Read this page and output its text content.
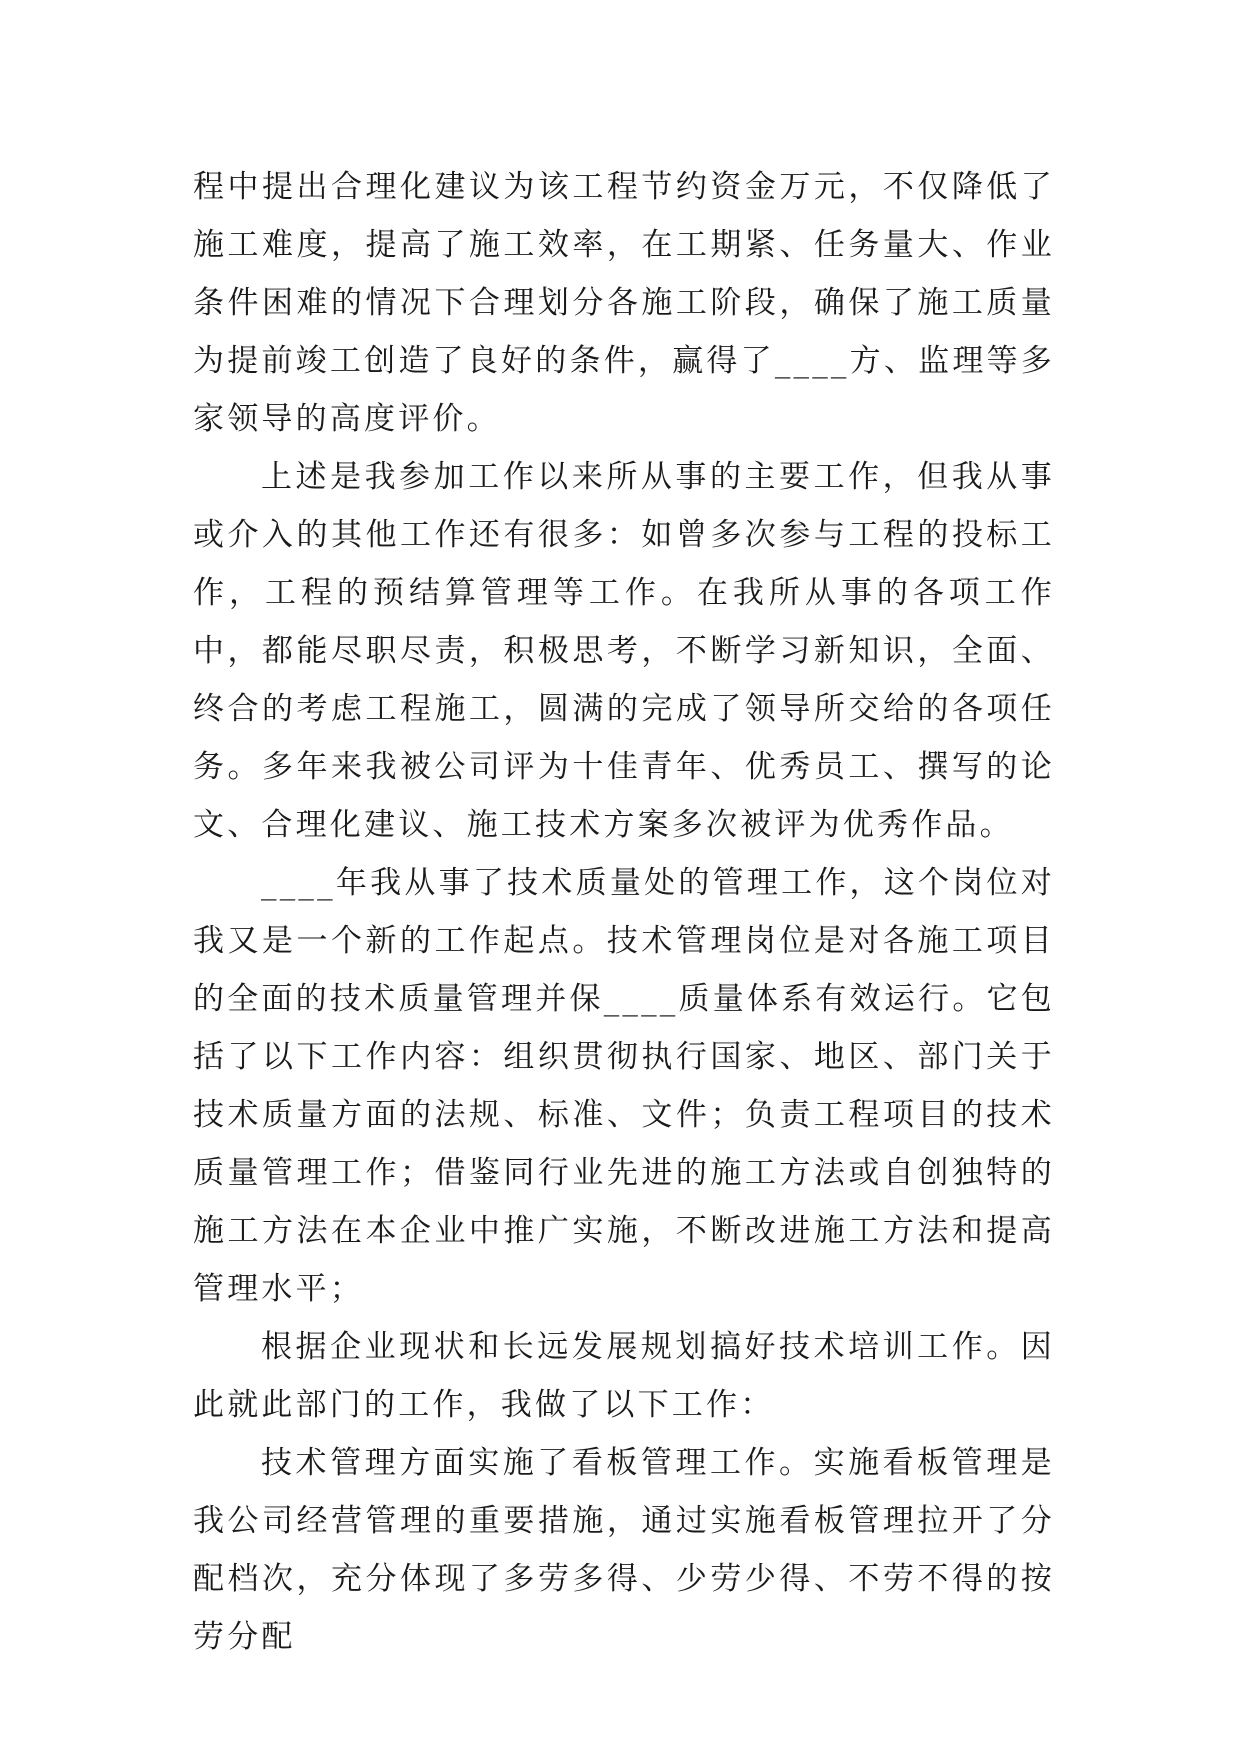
程中提出合理化建议为该工程节约资金万元，不仅降低了施工难度，提高了施工效率，在工期紧、任务量大、作业条件困难的情况下合理划分各施工阶段，确保了施工质量为提前竣工创造了良好的条件，赢得了____方、监理等多家领导的高度评价。

上述是我参加工作以来所从事的主要工作，但我从事或介入的其他工作还有很多：如曾多次参与工程的投标工作，工程的预结算管理等工作。在我所从事的各项工作中，都能尽职尽责，积极思考，不断学习新知识，全面、终合的考虑工程施工，圆满的完成了领导所交给的各项任务。多年来我被公司评为十佳青年、优秀员工、撰写的论文、合理化建议、施工技术方案多次被评为优秀作品。

____年我从事了技术质量处的管理工作，这个岗位对我又是一个新的工作起点。技术管理岗位是对各施工项目的全面的技术质量管理并保____质量体系有效运行。它包括了以下工作内容：组织贯彻执行国家、地区、部门关于技术质量方面的法规、标准、文件；负责工程项目的技术质量管理工作；借鉴同行业先进的施工方法或自创独特的施工方法在本企业中推广实施，不断改进施工方法和提高管理水平；

根据企业现状和长远发展规划搞好技术培训工作。因此就此部门的工作，我做了以下工作：

技术管理方面实施了看板管理工作。实施看板管理是我公司经营管理的重要措施，通过实施看板管理拉开了分配档次，充分体现了多劳多得、少劳少得、不劳不得的按劳分配
